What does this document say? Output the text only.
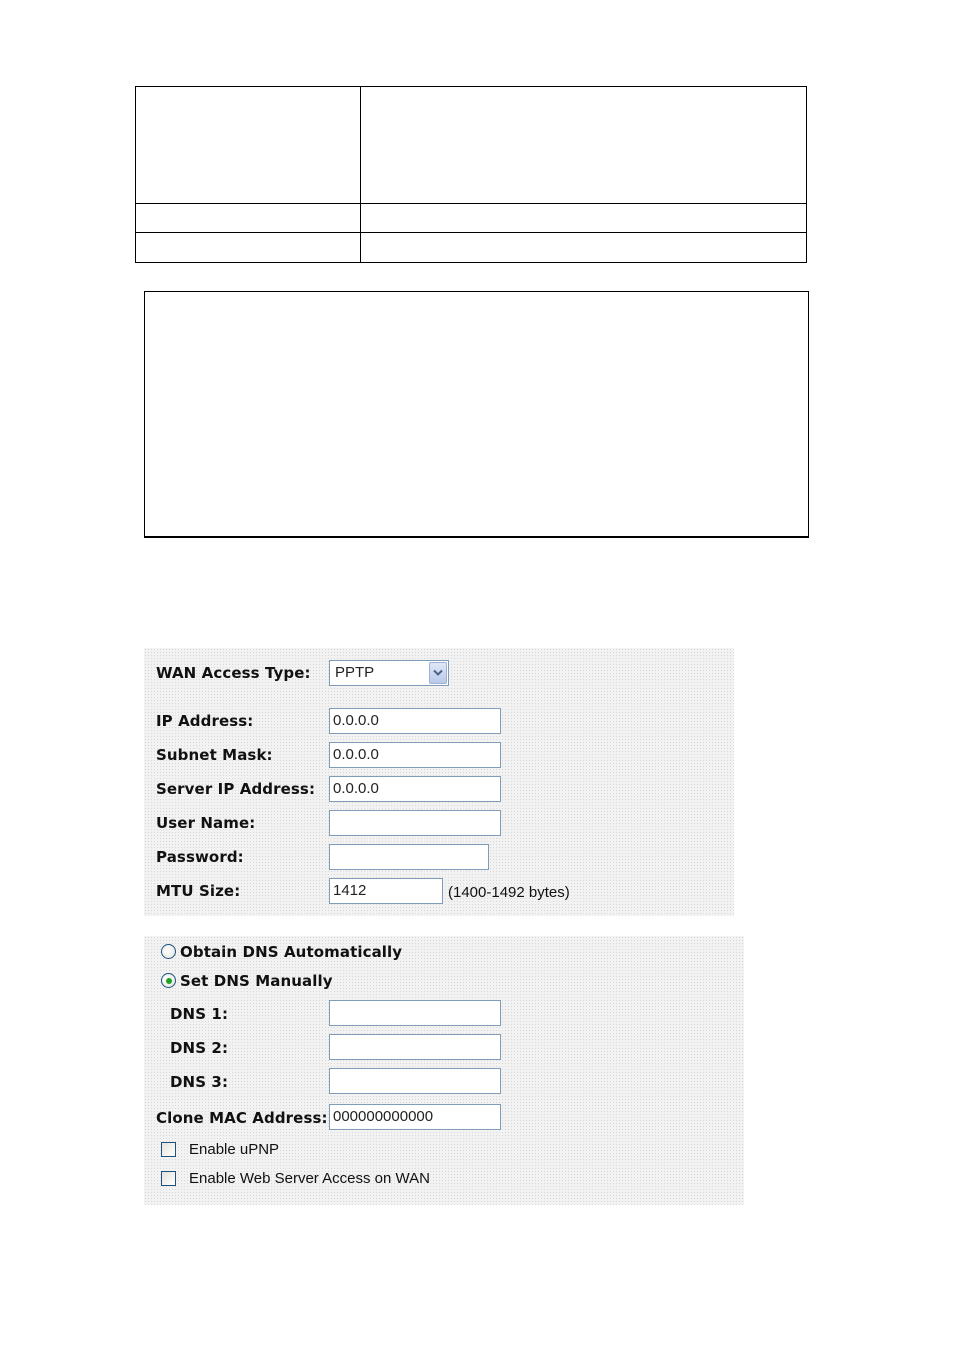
WAN Access Type: PPTP
IP Address:	0.0.0.0
Subnet Mask:	0.0.0.0
Server IP Address: 0.0.0.0
User Name:
Password:
MTU Size:	1412	(1400-1492 bytes)
Obtain DNS Automatically
Set DNS Manually
DNS 1:
DNS 2:
DNS 3:
Clone MAC Address: 000000000000
Enable uPNP
Enable Web Server Access on WAN
